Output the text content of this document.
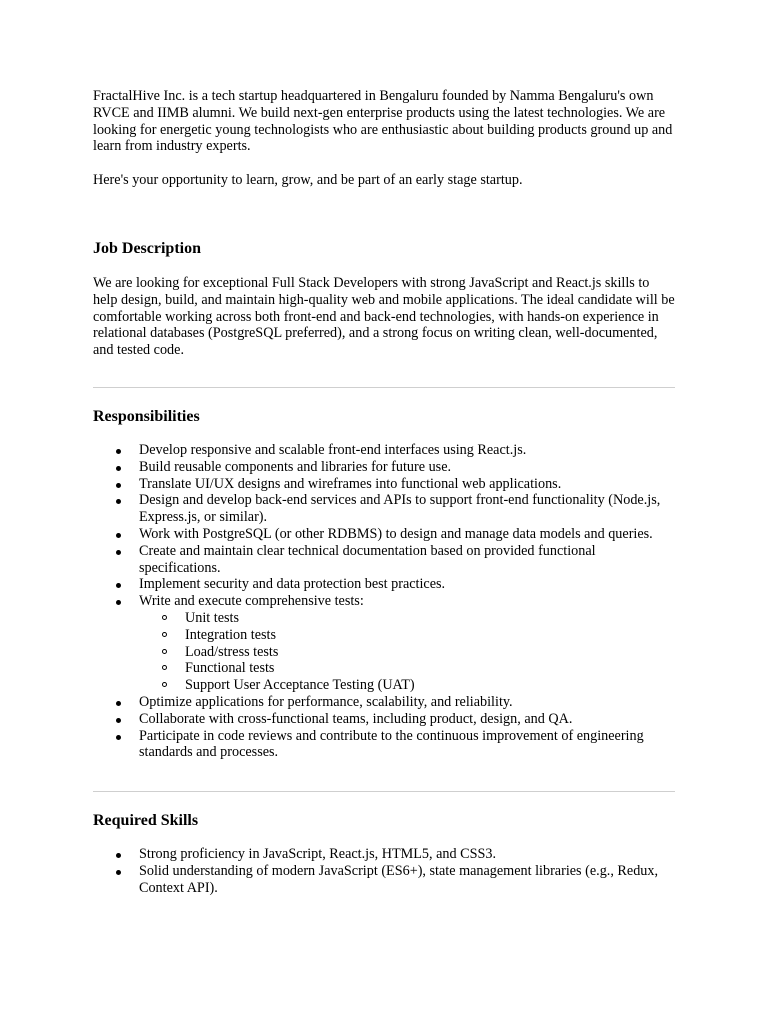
FractalHive Inc. is a tech startup headquartered in Bengaluru founded by Namma Bengaluru's own RVCE and IIMB alumni. We build next-gen enterprise products using the latest technologies. We are looking for energetic young technologists who are enthusiastic about building products ground up and learn from industry experts.

Here's your opportunity to learn, grow, and be part of an early stage startup.

Job Description

We are looking for exceptional Full Stack Developers with strong JavaScript and React.js skills to help design, build, and maintain high-quality web and mobile applications. The ideal candidate will be comfortable working across both front-end and back-end technologies, with hands-on experience in relational databases (PostgreSQL preferred), and a strong focus on writing clean, well-documented, and tested code.

Responsibilities
Develop responsive and scalable front-end interfaces using React.js.
Build reusable components and libraries for future use.
Translate UI/UX designs and wireframes into functional web applications.
Design and develop back-end services and APIs to support front-end functionality (Node.js, Express.js, or similar).
Work with PostgreSQL (or other RDBMS) to design and manage data models and queries.
Create and maintain clear technical documentation based on provided functional specifications.
Implement security and data protection best practices.
Write and execute comprehensive tests:
Unit tests
Integration tests
Load/stress tests
Functional tests
Support User Acceptance Testing (UAT)
Optimize applications for performance, scalability, and reliability.
Collaborate with cross-functional teams, including product, design, and QA.
Participate in code reviews and contribute to the continuous improvement of engineering standards and processes.
Required Skills
Strong proficiency in JavaScript, React.js, HTML5, and CSS3.
Solid understanding of modern JavaScript (ES6+), state management libraries (e.g., Redux, Context API).
